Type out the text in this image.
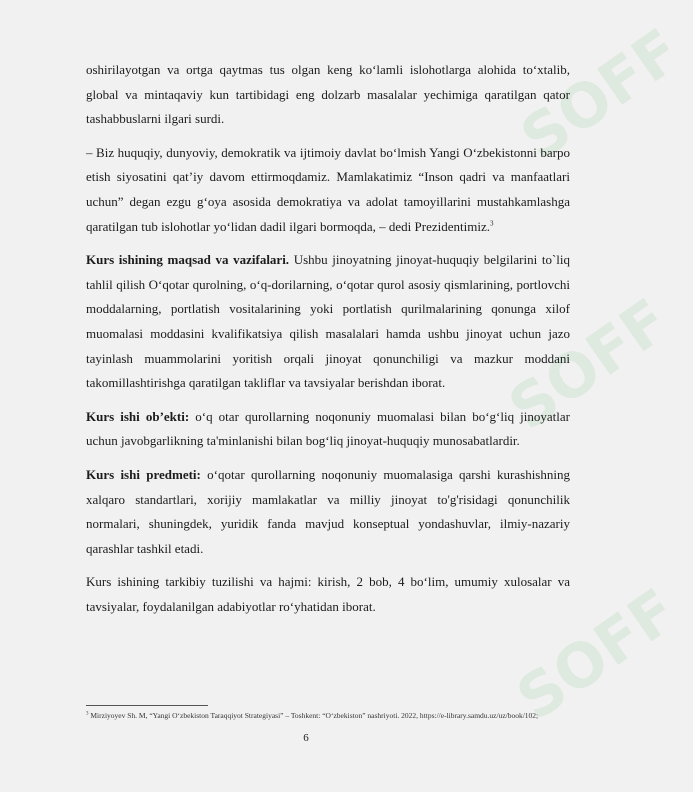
SOFF
SOFF
SOFF

oshirilayotgan va ortga qaytmas tus olgan keng ko‘lamli islohotlarga alohida to‘xtalib, global va mintaqaviy kun tartibidagi eng dolzarb masalalar yechimiga qaratilgan qator tashabbuslarni ilgari surdi.

– Biz huquqiy, dunyoviy, demokratik va ijtimoiy davlat bo‘lmish Yangi O‘zbekistonni barpo etish siyosatini qat’iy davom ettirmoqdamiz. Mamlakatimiz “Inson qadri va manfaatlari uchun” degan ezgu g‘oya asosida demokratiya va adolat tamoyillarini mustahkamlashga qaratilgan tub islohotlar yo‘lidan dadil ilgari bormoqda, – dedi Prezidentimiz.$^3$

Kurs ishining maqsad va vazifalari. Ushbu jinoyatning jinoyat-huquqiy belgilarini to`liq tahlil qilish O‘qotar qurolning, o‘q-dorilarning, o‘qotar qurol asosiy qismlarining, portlovchi moddalarning, portlatish vositalarining yoki portlatish qurilmalarining qonunga xilof muomalasi moddasini kvalifikatsiya qilish masalalari hamda ushbu jinoyat uchun jazo tayinlash muammolarini yoritish orqali jinoyat qonunchiligi va mazkur moddani takomillashtirishga qaratilgan takliflar va tavsiyalar berishdan iborat.

Kurs ishi ob’ekti: o‘q otar qurollarning noqonuniy muomalasi bilan bo‘g‘liq jinoyatlar uchun javobgarlikning ta'minlanishi bilan bog‘liq jinoyat-huquqiy munosabatlardir.

Kurs ishi predmeti: o‘qotar qurollarning noqonuniy muomalasiga qarshi kurashishning xalqaro standartlari, xorijiy mamlakatlar va milliy jinoyat to'g'risidagi qonunchilik normalari, shuningdek, yuridik fanda mavjud konseptual yondashuvlar, ilmiy-nazariy qarashlar tashkil etadi.

Kurs ishining tarkibiy tuzilishi va hajmi: kirish, 2 bob, 4 bo‘lim, umumiy xulosalar va tavsiyalar, foydalanilgan adabiyotlar ro‘yhatidan iborat.

$^3$ Mirziyoyev Sh. M, “Yangi O‘zbekiston Taraqqiyot Strategiyasi” – Toshkent: “O‘zbekiston” nashriyoti. 2022, https://e-library.samdu.uz/uz/book/102;
6
